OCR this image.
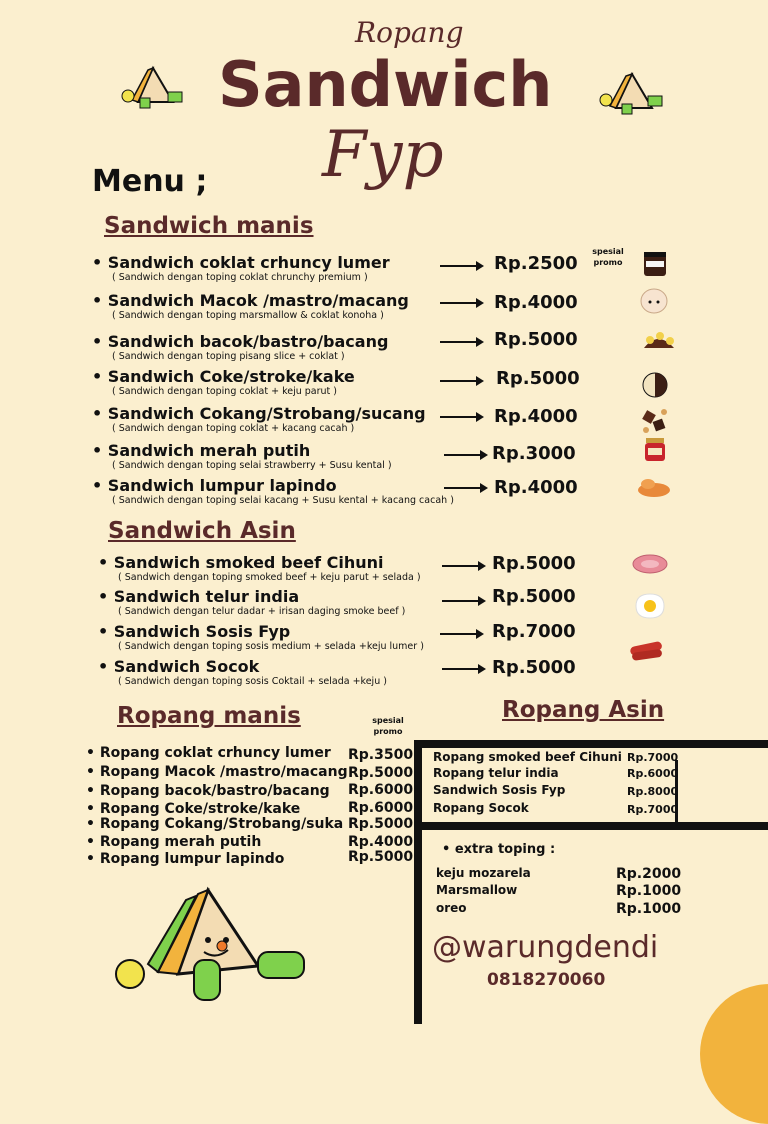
Ropang
Sandwich
Fyp
Menu ;
Sandwich manis
spesial promo
• Sandwich coklat crhuncy lumer
( Sandwich dengan toping coklat chrunchy premium )
Rp.2500
• Sandwich Macok /mastro/macang
( Sandwich dengan toping marsmallow & coklat konoha )
Rp.4000
• Sandwich bacok/bastro/bacang
( Sandwich dengan toping pisang slice + coklat )
Rp.5000
• Sandwich Coke/stroke/kake
( Sandwich dengan toping coklat + keju parut )
Rp.5000
• Sandwich Cokang/Strobang/sucang
( Sandwich dengan toping coklat + kacang cacah )
Rp.4000
• Sandwich merah putih
( Sandwich dengan toping selai strawberry + Susu kental )
Rp.3000
• Sandwich lumpur lapindo
( Sandwich dengan toping selai kacang + Susu kental + kacang cacah )
Rp.4000
Sandwich Asin
• Sandwich smoked beef Cihuni
( Sandwich dengan toping smoked beef + keju parut + selada )
Rp.5000
• Sandwich telur india
( Sandwich dengan telur dadar + irisan daging smoke beef )
Rp.5000
• Sandwich Sosis Fyp
( Sandwich dengan toping sosis medium + selada +keju lumer )
Rp.7000
• Sandwich Socok
( Sandwich dengan toping sosis Coktail + selada +keju )
Rp.5000
Ropang manis	spesial promo
• Ropang coklat crhuncy lumer Rp.3500
• Ropang Macok /mastro/macang Rp.5000
• Ropang bacok/bastro/bacang Rp.6000
• Ropang Coke/stroke/kake	Rp.6000
• Ropang Cokang/Strobang/suka Rp.5000
• Ropang merah putih	Rp.4000
• Ropang lumpur lapindo	Rp.5000
Ropang Asin
Ropang smoked beef Cihuni Rp.7000
Ropang telur india	Rp.6000
Sandwich Sosis Fyp	Rp.8000
Ropang Socok	Rp.7000
• extra toping :
keju mozarela	Rp.2000
Marsmallow	Rp.1000
oreo	Rp.1000
@warungdendi
0818270060
